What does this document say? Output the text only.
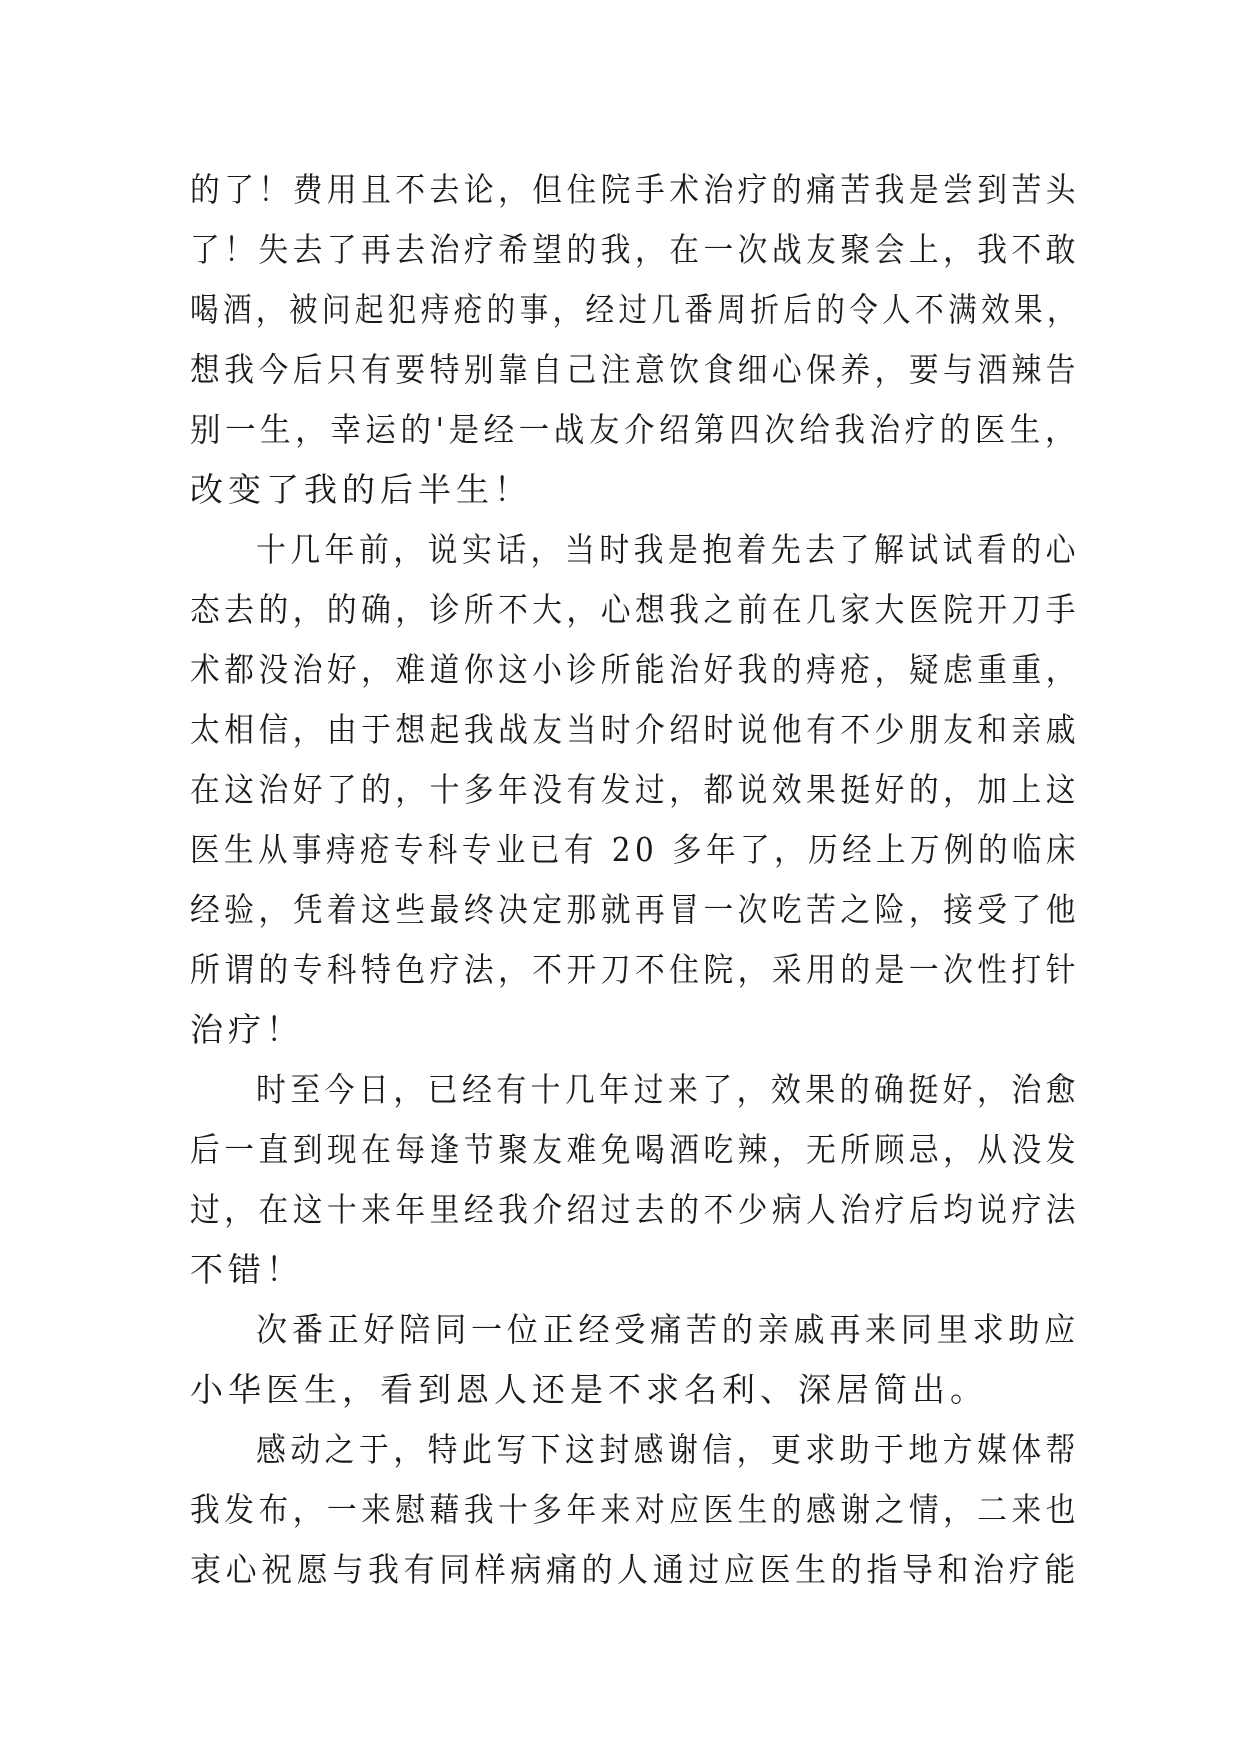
的了！费用且不去论，但住院手术治疗的痛苦我是尝到苦头
了！失去了再去治疗希望的我，在一次战友聚会上，我不敢
喝酒，被问起犯痔疮的事，经过几番周折后的令人不满效果，
想我今后只有要特别靠自己注意饮食细心保养，要与酒辣告
别一生，幸运的'是经一战友介绍第四次给我治疗的医生，
改变了我的后半生！
十几年前，说实话，当时我是抱着先去了解试试看的心
态去的，的确，诊所不大，心想我之前在几家大医院开刀手
术都没治好，难道你这小诊所能治好我的痔疮，疑虑重重，
太相信，由于想起我战友当时介绍时说他有不少朋友和亲戚
在这治好了的，十多年没有发过，都说效果挺好的，加上这
医生从事痔疮专科专业已有 20 多年了，历经上万例的临床
经验，凭着这些最终决定那就再冒一次吃苦之险，接受了他
所谓的专科特色疗法，不开刀不住院，采用的是一次性打针
治疗！
时至今日，已经有十几年过来了，效果的确挺好，治愈
后一直到现在每逢节聚友难免喝酒吃辣，无所顾忌，从没发
过，在这十来年里经我介绍过去的不少病人治疗后均说疗法
不错！
次番正好陪同一位正经受痛苦的亲戚再来同里求助应
小华医生，看到恩人还是不求名利、深居简出。
感动之于，特此写下这封感谢信，更求助于地方媒体帮
我发布，一来慰藉我十多年来对应医生的感谢之情，二来也
衷心祝愿与我有同样病痛的人通过应医生的指导和治疗能
